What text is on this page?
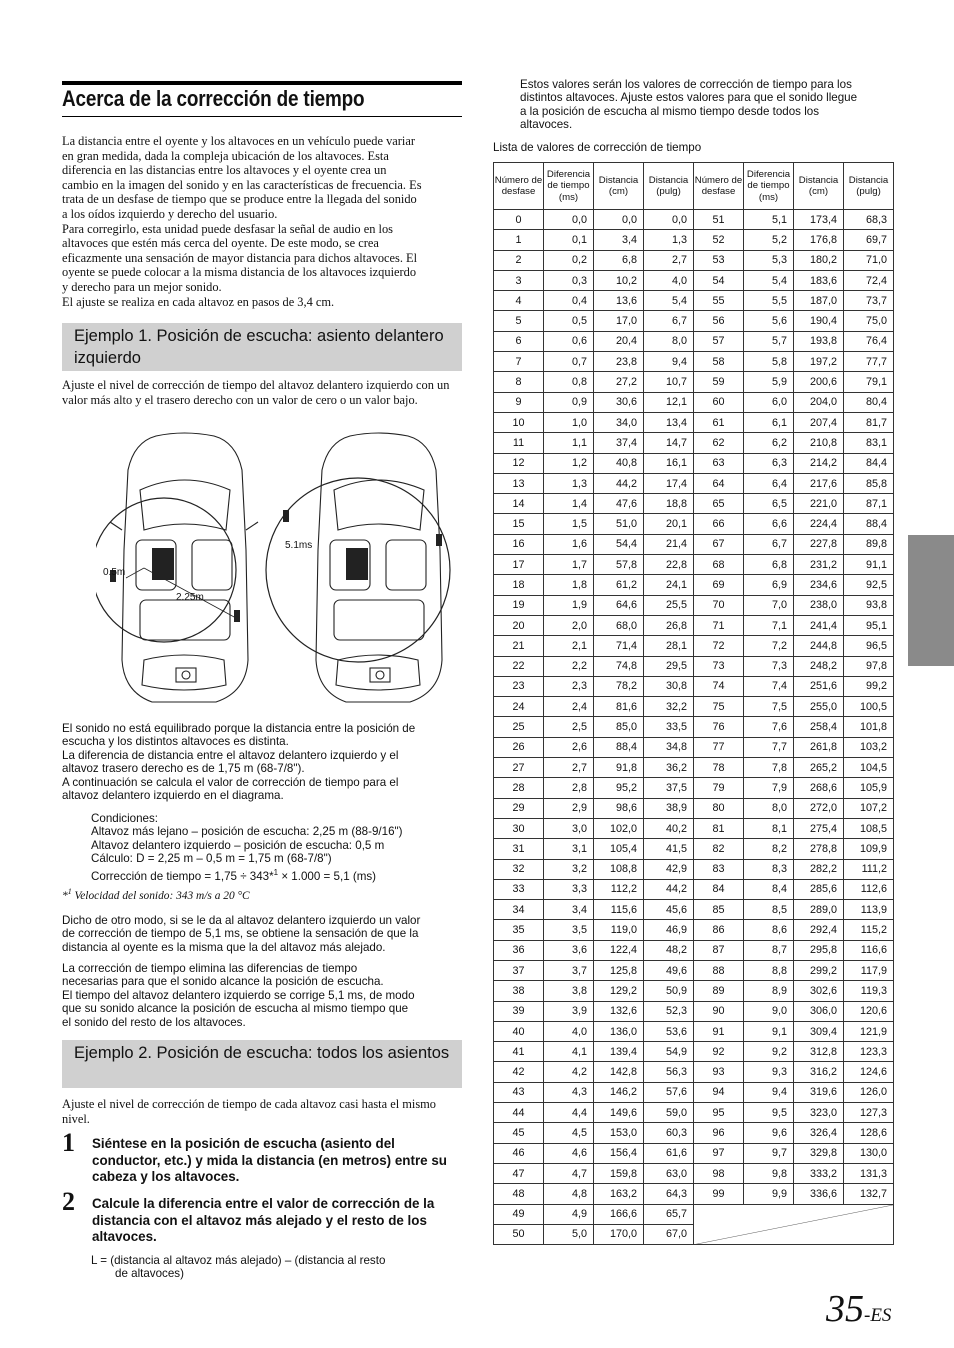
Acerca de la corrección de tiempo
La distancia entre el oyente y los altavoces en un vehículo puede variar
en gran medida, dada la compleja ubicación de los altavoces. Esta
diferencia en las distancias entre los altavoces y el oyente crea un
cambio en la imagen del sonido y en las características de frecuencia. Es
trata de un desfase de tiempo que se produce entre la llegada del sonido
a los oídos izquierdo y derecho del usuario.
Para corregirlo, esta unidad puede desfasar la señal de audio en los
altavoces que estén más cerca del oyente. De este modo, se crea
eficazmente una sensación de mayor distancia para dichos altavoces. El
oyente se puede colocar a la misma distancia de los altavoces izquierdo
y derecho para un mejor sonido.
El ajuste se realiza en cada altavoz en pasos de 3,4 cm.
Ejemplo 1. Posición de escucha: asiento delantero izquierdo
Ajuste el nivel de corrección de tiempo del altavoz delantero izquierdo con un valor más alto y el trasero derecho con un valor de cero o un valor bajo.
0.5m
2.25m
5.1ms
El sonido no está equilibrado porque la distancia entre la posición de
escucha y los distintos altavoces es distinta.
La diferencia de distancia entre el altavoz delantero izquierdo y el
altavoz trasero derecho es de 1,75 m (68-7/8").
A continuación se calcula el valor de corrección de tiempo para el
altavoz delantero izquierdo en el diagrama.
Condiciones:
Altavoz más lejano – posición de escucha: 2,25 m (88-9/16")
Altavoz delantero izquierdo – posición de escucha: 0,5 m
Cálculo: D = 2,25 m – 0,5 m = 1,75 m (68-7/8")
Corrección de tiempo = 1,75 ÷ 343*$^1$ × 1.000 = 5,1 (ms)
*$^1$ Velocidad del sonido: 343 m/s a 20 °C
Dicho de otro modo, si se le da al altavoz delantero izquierdo un valor
de corrección de tiempo de 5,1 ms, se obtiene la sensación de que la
distancia al oyente es la misma que la del altavoz más alejado.
La corrección de tiempo elimina las diferencias de tiempo
necesarias para que el sonido alcance la posición de escucha.
El tiempo del altavoz delantero izquierdo se corrige 5,1 ms, de modo
que su sonido alcance la posición de escucha al mismo tiempo que
el sonido del resto de los altavoces.
Ejemplo 2. Posición de escucha: todos los asientos
Ajuste el nivel de corrección de tiempo de cada altavoz casi hasta el mismo nivel.
1 Siéntese en la posición de escucha (asiento del conductor, etc.) y mida la distancia (en metros) entre su cabeza y los altavoces.
2 Calcule la diferencia entre el valor de corrección de la distancia con el altavoz más alejado y el resto de los altavoces.
L = (distancia al altavoz más alejado) – (distancia al resto
de altavoces)
Estos valores serán los valores de corrección de tiempo para los
distintos altavoces. Ajuste estos valores para que el sonido llegue
a la posición de escucha al mismo tiempo desde todos los
altavoces.
Lista de valores de corrección de tiempo
Número de desfase	Diferencia de tiempo (ms)	Distancia (cm)	Distancia (pulg)	Número de desfase	Diferencia de tiempo (ms)	Distancia (cm)	Distancia (pulg)
0	0,0	0,0	0,0	51	5,1	173,4	68,3
1	0,1	3,4	1,3	52	5,2	176,8	69,7
2	0,2	6,8	2,7	53	5,3	180,2	71,0
3	0,3	10,2	4,0	54	5,4	183,6	72,4
4	0,4	13,6	5,4	55	5,5	187,0	73,7
5	0,5	17,0	6,7	56	5,6	190,4	75,0
6	0,6	20,4	8,0	57	5,7	193,8	76,4
7	0,7	23,8	9,4	58	5,8	197,2	77,7
8	0,8	27,2	10,7	59	5,9	200,6	79,1
9	0,9	30,6	12,1	60	6,0	204,0	80,4
10	1,0	34,0	13,4	61	6,1	207,4	81,7
11	1,1	37,4	14,7	62	6,2	210,8	83,1
12	1,2	40,8	16,1	63	6,3	214,2	84,4
13	1,3	44,2	17,4	64	6,4	217,6	85,8
14	1,4	47,6	18,8	65	6,5	221,0	87,1
15	1,5	51,0	20,1	66	6,6	224,4	88,4
16	1,6	54,4	21,4	67	6,7	227,8	89,8
17	1,7	57,8	22,8	68	6,8	231,2	91,1
18	1,8	61,2	24,1	69	6,9	234,6	92,5
19	1,9	64,6	25,5	70	7,0	238,0	93,8
20	2,0	68,0	26,8	71	7,1	241,4	95,1
21	2,1	71,4	28,1	72	7,2	244,8	96,5
22	2,2	74,8	29,5	73	7,3	248,2	97,8
23	2,3	78,2	30,8	74	7,4	251,6	99,2
24	2,4	81,6	32,2	75	7,5	255,0	100,5
25	2,5	85,0	33,5	76	7,6	258,4	101,8
26	2,6	88,4	34,8	77	7,7	261,8	103,2
27	2,7	91,8	36,2	78	7,8	265,2	104,5
28	2,8	95,2	37,5	79	7,9	268,6	105,9
29	2,9	98,6	38,9	80	8,0	272,0	107,2
30	3,0	102,0	40,2	81	8,1	275,4	108,5
31	3,1	105,4	41,5	82	8,2	278,8	109,9
32	3,2	108,8	42,9	83	8,3	282,2	111,2
33	3,3	112,2	44,2	84	8,4	285,6	112,6
34	3,4	115,6	45,6	85	8,5	289,0	113,9
35	3,5	119,0	46,9	86	8,6	292,4	115,2
36	3,6	122,4	48,2	87	8,7	295,8	116,6
37	3,7	125,8	49,6	88	8,8	299,2	117,9
38	3,8	129,2	50,9	89	8,9	302,6	119,3
39	3,9	132,6	52,3	90	9,0	306,0	120,6
40	4,0	136,0	53,6	91	9,1	309,4	121,9
41	4,1	139,4	54,9	92	9,2	312,8	123,3
42	4,2	142,8	56,3	93	9,3	316,2	124,6
43	4,3	146,2	57,6	94	9,4	319,6	126,0
44	4,4	149,6	59,0	95	9,5	323,0	127,3
45	4,5	153,0	60,3	96	9,6	326,4	128,6
46	4,6	156,4	61,6	97	9,7	329,8	130,0
47	4,7	159,8	63,0	98	9,8	333,2	131,3
48	4,8	163,2	64,3	99	9,9	336,6	132,7
49	4,9	166,6	65,7	

50	5,0	170,0	67,0				
35-ES
